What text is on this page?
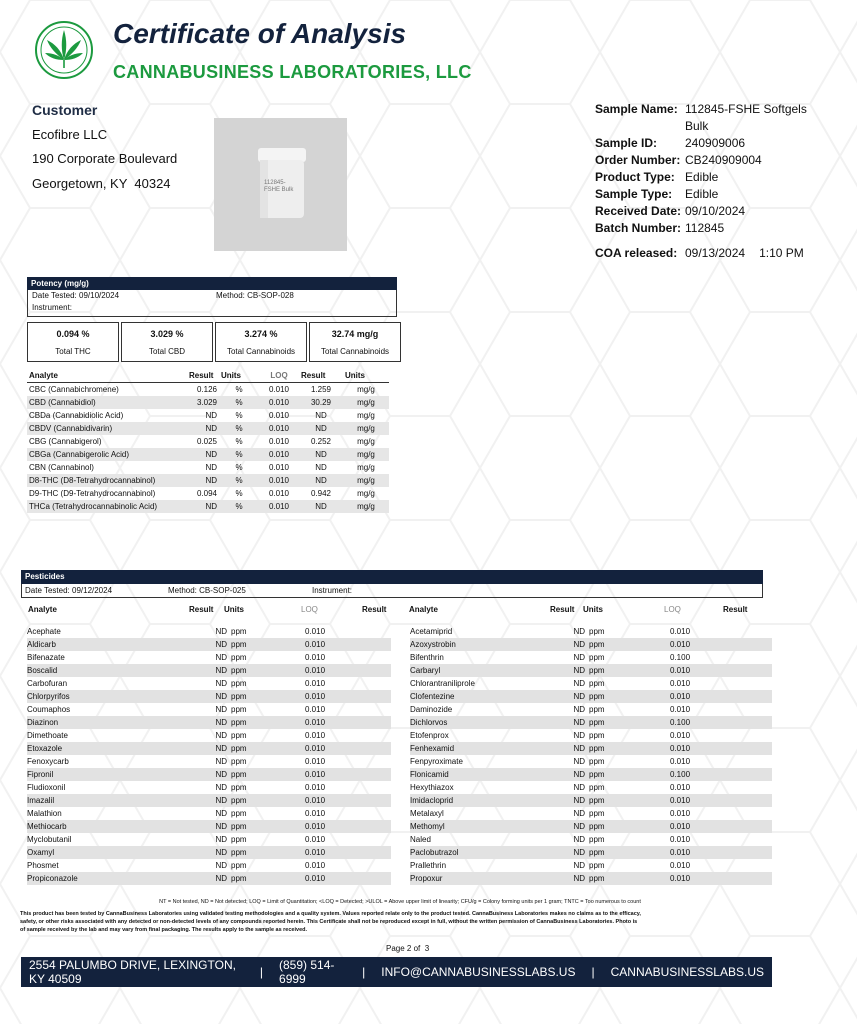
Certificate of Analysis
CANNABUSINESS LABORATORIES, LLC
Customer
Ecofibre LLC
190 Corporate Boulevard
Georgetown, KY  40324	112845- FSHE Bulk
Sample Name: 112845-FSHE Softgels Bulk
Sample ID:	240909006
Order Number: CB240909004
Product Type: Edible
Sample Type:	Edible
Received Date: 09/10/2024
Batch Number: 112845
COA released: 09/13/2024 1:10 PM
Potency (mg/g)
Date Tested: 09/10/2024	Method: CB-SOP-028
Instrument:
0.094 %
Total THC
3.029 %
Total CBD
3.274 %
Total Cannabinoids
32.74 mg/g
Total Cannabinoids
Analyte	Result	Units	LOQ	Result	Units
CBC (Cannabichromene)	0.126	%	0.010	1.259	mg/g
CBD (Cannabidiol)	3.029	%	0.010	30.29	mg/g
CBDa (Cannabidiolic Acid)	ND	%	0.010	ND	mg/g
CBDV (Cannabidivarin)	ND	%	0.010	ND	mg/g
CBG (Cannabigerol)	0.025	%	0.010	0.252	mg/g
CBGa (Cannabigerolic Acid)	ND	%	0.010	ND	mg/g
CBN (Cannabinol)	ND	%	0.010	ND	mg/g
D8-THC (D8-Tetrahydrocannabinol)	ND	%	0.010	ND	mg/g
D9-THC (D9-Tetrahydrocannabinol)	0.094	%	0.010	0.942	mg/g
THCa (Tetrahydrocannabinolic Acid)	ND	%	0.010	ND	mg/g
Pesticides
Date Tested: 09/12/2024	Method: CB-SOP-025	Instrument:
Analyte	Result Units	LOQ	Result	Analyte	Result Units	LOQ	Result
Acephate	ND	ppm	0.010
Aldicarb	ND	ppm	0.010
Bifenazate	ND	ppm	0.010
Boscalid	ND	ppm	0.010
Carbofuran	ND	ppm	0.010
Chlorpyrifos	ND	ppm	0.010
Coumaphos	ND	ppm	0.010
Diazinon	ND	ppm	0.010
Dimethoate	ND	ppm	0.010
Etoxazole	ND	ppm	0.010
Fenoxycarb	ND	ppm	0.010
Fipronil	ND	ppm	0.010
Fludioxonil	ND	ppm	0.010
Imazalil	ND	ppm	0.010
Malathion	ND	ppm	0.010
Methiocarb	ND	ppm	0.010
Myclobutanil	ND	ppm	0.010
Oxamyl	ND	ppm	0.010
Phosmet	ND	ppm	0.010
Propiconazole	ND	ppm	0.010
Acetamiprid	ND	ppm	0.010
Azoxystrobin	ND	ppm	0.010
Bifenthrin	ND	ppm	0.100
Carbaryl	ND	ppm	0.010
Chlorantraniliprole	ND	ppm	0.010
Clofentezine	ND	ppm	0.010
Daminozide	ND	ppm	0.010
Dichlorvos	ND	ppm	0.100
Etofenprox	ND	ppm	0.010
Fenhexamid	ND	ppm	0.010
Fenpyroximate	ND	ppm	0.010
Flonicamid	ND	ppm	0.100
Hexythiazox	ND	ppm	0.010
Imidacloprid	ND	ppm	0.010
Metalaxyl	ND	ppm	0.010
Methomyl	ND	ppm	0.010
Naled	ND	ppm	0.010
Paclobutrazol	ND	ppm	0.010
Prallethrin	ND	ppm	0.010
Propoxur	ND	ppm	0.010
NT = Not tested, ND = Not detected; LOQ = Limit of Quantitation; <LOQ = Detected; >ULOL = Above upper limit of linearity; CFU/g = Colony forming units per 1 gram; TNTC = Too numerous to count
This product has been tested by CannaBusiness Laboratories using validated testing methodologies and a quality system. Values reported relate only to the product tested. CannaBusiness Laboratories makes no claims as to the efficacy,
safety, or other risks associated with any detected or non-detected levels of any compounds reported herein. This Certificate shall not be reproduced except in full, without the written permission of CannaBusiness Laboratories. Photo is
of sample received by the lab and may vary from final packaging. The results apply to the sample as received.
Page 2 of  3
2554 PALUMBO DRIVE, LEXINGTON, KY 40509	| (859) 514-6999	| INFO@CANNABUSINESSLABS.US | CANNABUSINESSLABS.US
